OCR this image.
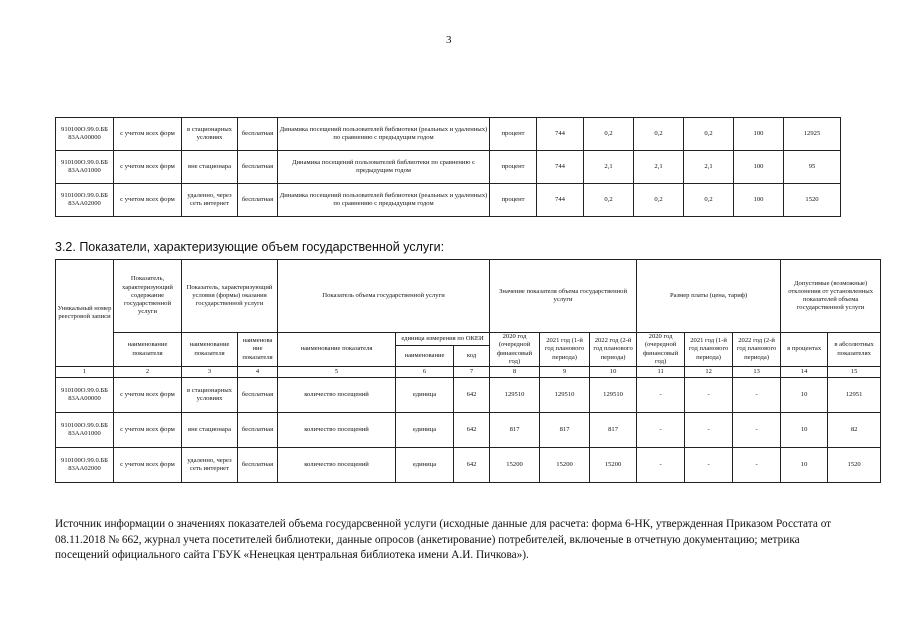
3
910100О.99.0.ББ 83АА00000	с учетом всех форм	в стационарных условиях	бесплатная	Динамика посещений пользователей библиотеки (реальных и удаленных) по сравнению с предыдущим годом	процент	744	0,2	0,2	0,2	100	12925
910100О.99.0.ББ 83АА01000	с учетом всех форм	вне стационара	бесплатная	Динамика посещений пользователей библиотеки по сравнению с предыдущим годом	процент	744	2,1	2,1	2,1	100	95
910100О.99.0.ББ 83АА02000	с учетом всех форм	удаленно, через сеть интернет	бесплатная	Динамика посещений пользователей библиотеки (реальных и удаленных) по сравнению с предыдущим годом	процент	744	0,2	0,2	0,2	100	1520
3.2. Показатели, характеризующие объем государственной услуги:
Уникальный номер реестровой записи	Показатель, характеризующий содержание государственной услуги	Показатель, характеризующий условия (формы) оказания государственной услуги		Показатель объема государственной услуги			Значение показателя объема государственной услуги			Размер платы (цена, тариф)			Допустимые (возможные) отклонения от установленных показателей объема государственной услуги	
	наименование показателя	наименование показателя	наименова ние показателя	наименование показателя	единица измерения по ОКЕИ		2020 год (очередной финансовый год)	2021 год (1-й год планового периода)	2022 год (2-й год планового периода)	2020 год (очередной финансовый год)	2021 год (1-й год планового периода)	2022 год (2-й год планового периода)	в процентах	в абсолютных показателях
					наименование	код								
1	2	3	4	5	6	7	8	9	10	11	12	13	14	15
910100О.99.0.ББ 83АА00000	с учетом всех форм	в стационарных условиях	бесплатная	количество посещений	единица	642	129510	129510	129510	-	-	-	10	12951
910100О.99.0.ББ 83АА01000	с учетом всех форм	вне стационара	бесплатная	количество посещений	единица	642	817	817	817	-	-	-	10	82
910100О.99.0.ББ 83АА02000	с учетом всех форм	удаленно, через сеть интернет	бесплатная	количество посещений	единица	642	15200	15200	15200	-	-	-	10	1520
Источник информации о значениях показателей объема государсвенной услуги (исходные данные для расчета: форма 6-НК, утвержденная Приказом Росстата от 08.11.2018 № 662, журнал учета посетителей библиотеки, данные опросов (анкетирование) потребителей, включеные в отчетную документацию; метрика посещений официального сайта ГБУК «Ненецкая центральная библиотека имени А.И. Пичкова»).
